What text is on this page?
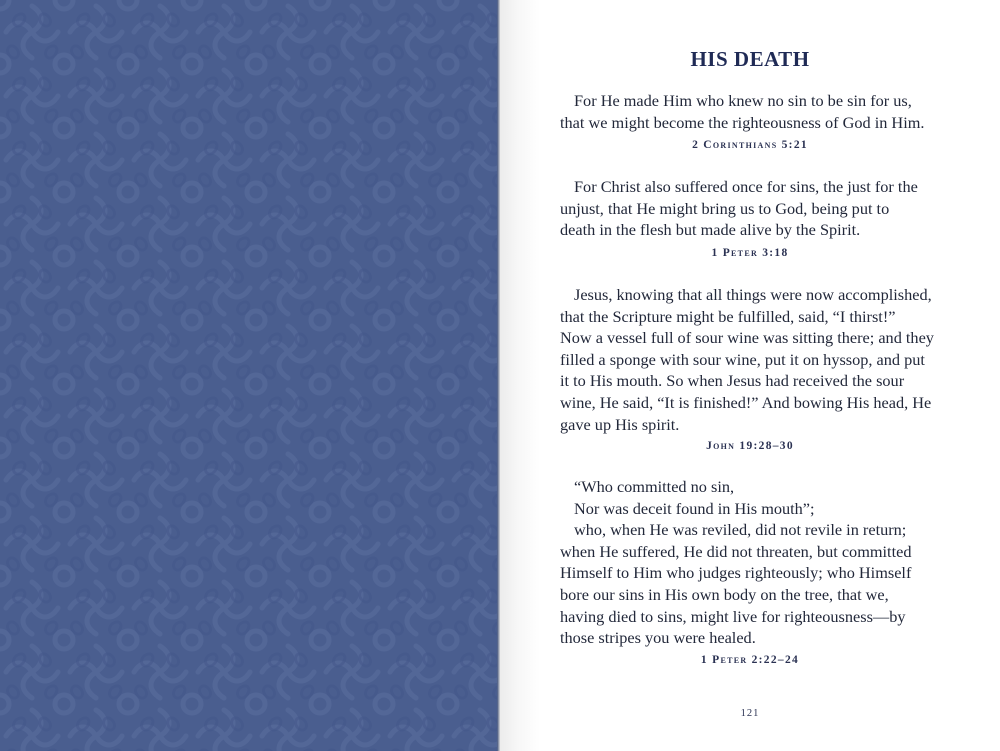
HIS DEATH
For He made Him who knew no sin to be sin for us,
that we might become the righteousness of God in Him.
2 Corinthians 5:21
For Christ also suffered once for sins, the just for the
unjust, that He might bring us to God, being put to
death in the flesh but made alive by the Spirit.
1 Peter 3:18
Jesus, knowing that all things were now accomplished,
that the Scripture might be fulfilled, said, “I thirst!”
Now a vessel full of sour wine was sitting there; and they
filled a sponge with sour wine, put it on hyssop, and put
it to His mouth. So when Jesus had received the sour
wine, He said, “It is finished!” And bowing His head, He
gave up His spirit.
John 19:28–30
“Who committed no sin,
Nor was deceit found in His mouth”;
who, when He was reviled, did not revile in return;
when He suffered, He did not threaten, but committed
Himself to Him who judges righteously; who Himself
bore our sins in His own body on the tree, that we,
having died to sins, might live for righteousness—by
those stripes you were healed.
1 Peter 2:22–24
121
